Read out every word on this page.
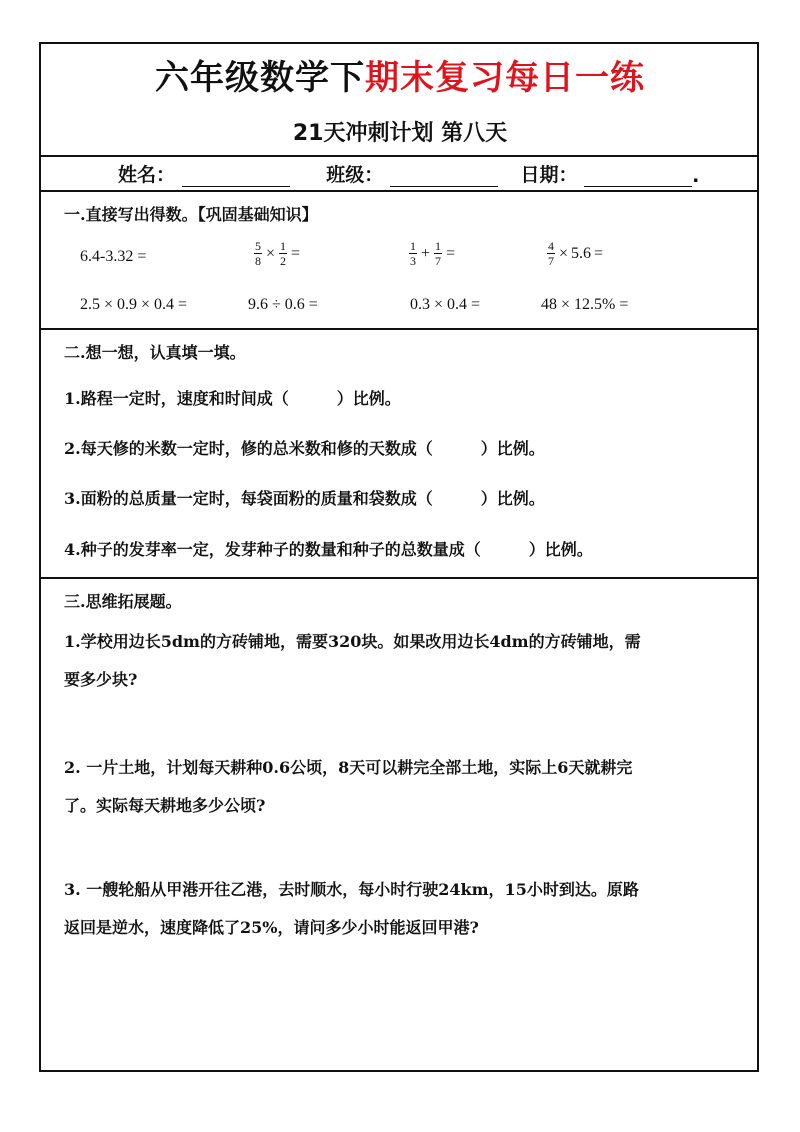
六年级数学下期末复习每日一练
21天冲刺计划 第八天
姓名：	班级：	日期：	.
一.直接写出得数。【巩固基础知识】
6.4-3.32 =	$\frac{5}{8} \times \frac{1}{2}$ =	$\frac{1}{3} + \frac{1}{7}$ =	$\frac{4}{7} \times 5.6$ =
2.5 × 0.9 × 0.4 =	9.6 ÷ 0.6 =	0.3 × 0.4 =	48 × 12.5% =
二.想一想，认真填一填。
1.路程一定时，速度和时间成（　　　）比例。
2.每天修的米数一定时，修的总米数和修的天数成（　　　）比例。
3.面粉的总质量一定时，每袋面粉的质量和袋数成（　　　）比例。
4.种子的发芽率一定，发芽种子的数量和种子的总数量成（　　　）比例。
三.思维拓展题。
1.学校用边长5dm的方砖铺地，需要320块。如果改用边长4dm的方砖铺地，需
要多少块?
2. 一片土地，计划每天耕种0.6公顷，8天可以耕完全部土地，实际上6天就耕完
了。实际每天耕地多少公顷?
3. 一艘轮船从甲港开往乙港，去时顺水，每小时行驶24km，15小时到达。原路
返回是逆水，速度降低了25%，请问多少小时能返回甲港?
